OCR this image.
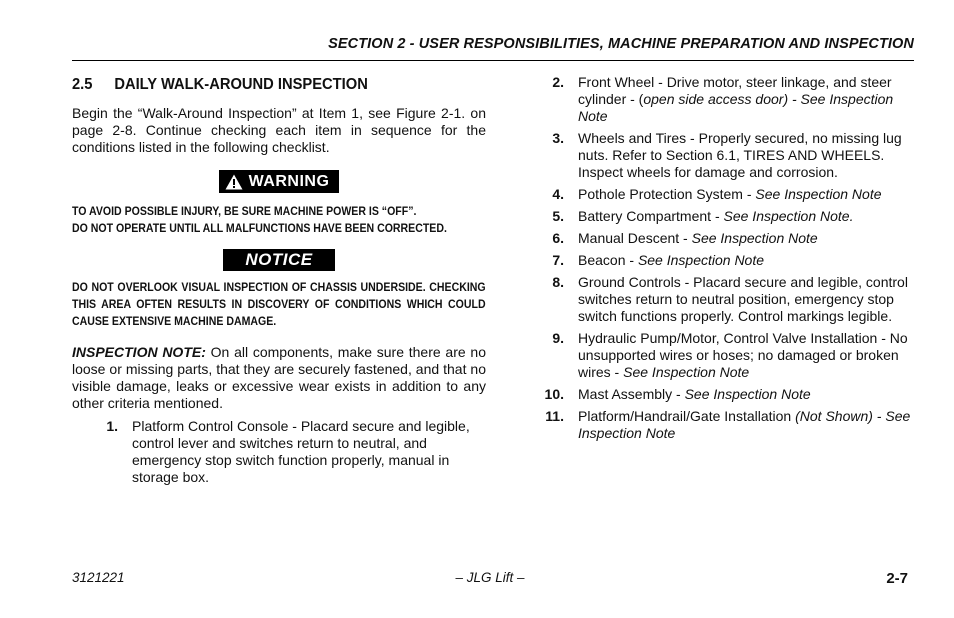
SECTION 2 - USER RESPONSIBILITIES, MACHINE PREPARATION AND INSPECTION
2.5 DAILY WALK-AROUND INSPECTION

Begin the “Walk-Around Inspection” at Item 1, see Figure 2-1. on page 2-8. Continue checking each item in sequence for the conditions listed in the following checklist.

WARNING
TO AVOID POSSIBLE INJURY, BE SURE MACHINE POWER IS “OFF”.
DO NOT OPERATE UNTIL ALL MALFUNCTIONS HAVE BEEN CORRECTED.
NOTICE
DO NOT OVERLOOK VISUAL INSPECTION OF CHASSIS UNDERSIDE. CHECKING THIS AREA OFTEN RESULTS IN DISCOVERY OF CONDITIONS WHICH COULD CAUSE EXTENSIVE MACHINE DAMAGE.

INSPECTION NOTE: On all components, make sure there are no loose or missing parts, that they are securely fastened, and that no visible damage, leaks or excessive wear exists in addition to any other criteria mentioned.

1.	Platform Control Console - Placard secure and legible, control lever and switches return to neutral, and emergency stop switch function properly, manual in storage box.
2.	Front Wheel - Drive motor, steer linkage, and steer cylinder - (open side access door) - See Inspection Note
3.	Wheels and Tires - Properly secured, no missing lug nuts. Refer to Section 6.1, TIRES AND WHEELS. Inspect wheels for damage and corrosion.
4.	Pothole Protection System - See Inspection Note
5.	Battery Compartment - See Inspection Note.
6.	Manual Descent - See Inspection Note
7.	Beacon - See Inspection Note
8.	Ground Controls - Placard secure and legible, control switches return to neutral position, emergency stop switch functions properly. Control markings legible.
9.	Hydraulic Pump/Motor, Control Valve Installation - No unsupported wires or hoses; no damaged or broken wires - See Inspection Note
10.	Mast Assembly - See Inspection Note
11.	Platform/Handrail/Gate Installation (Not Shown) - See Inspection Note
3121221	– JLG Lift –	2-7
